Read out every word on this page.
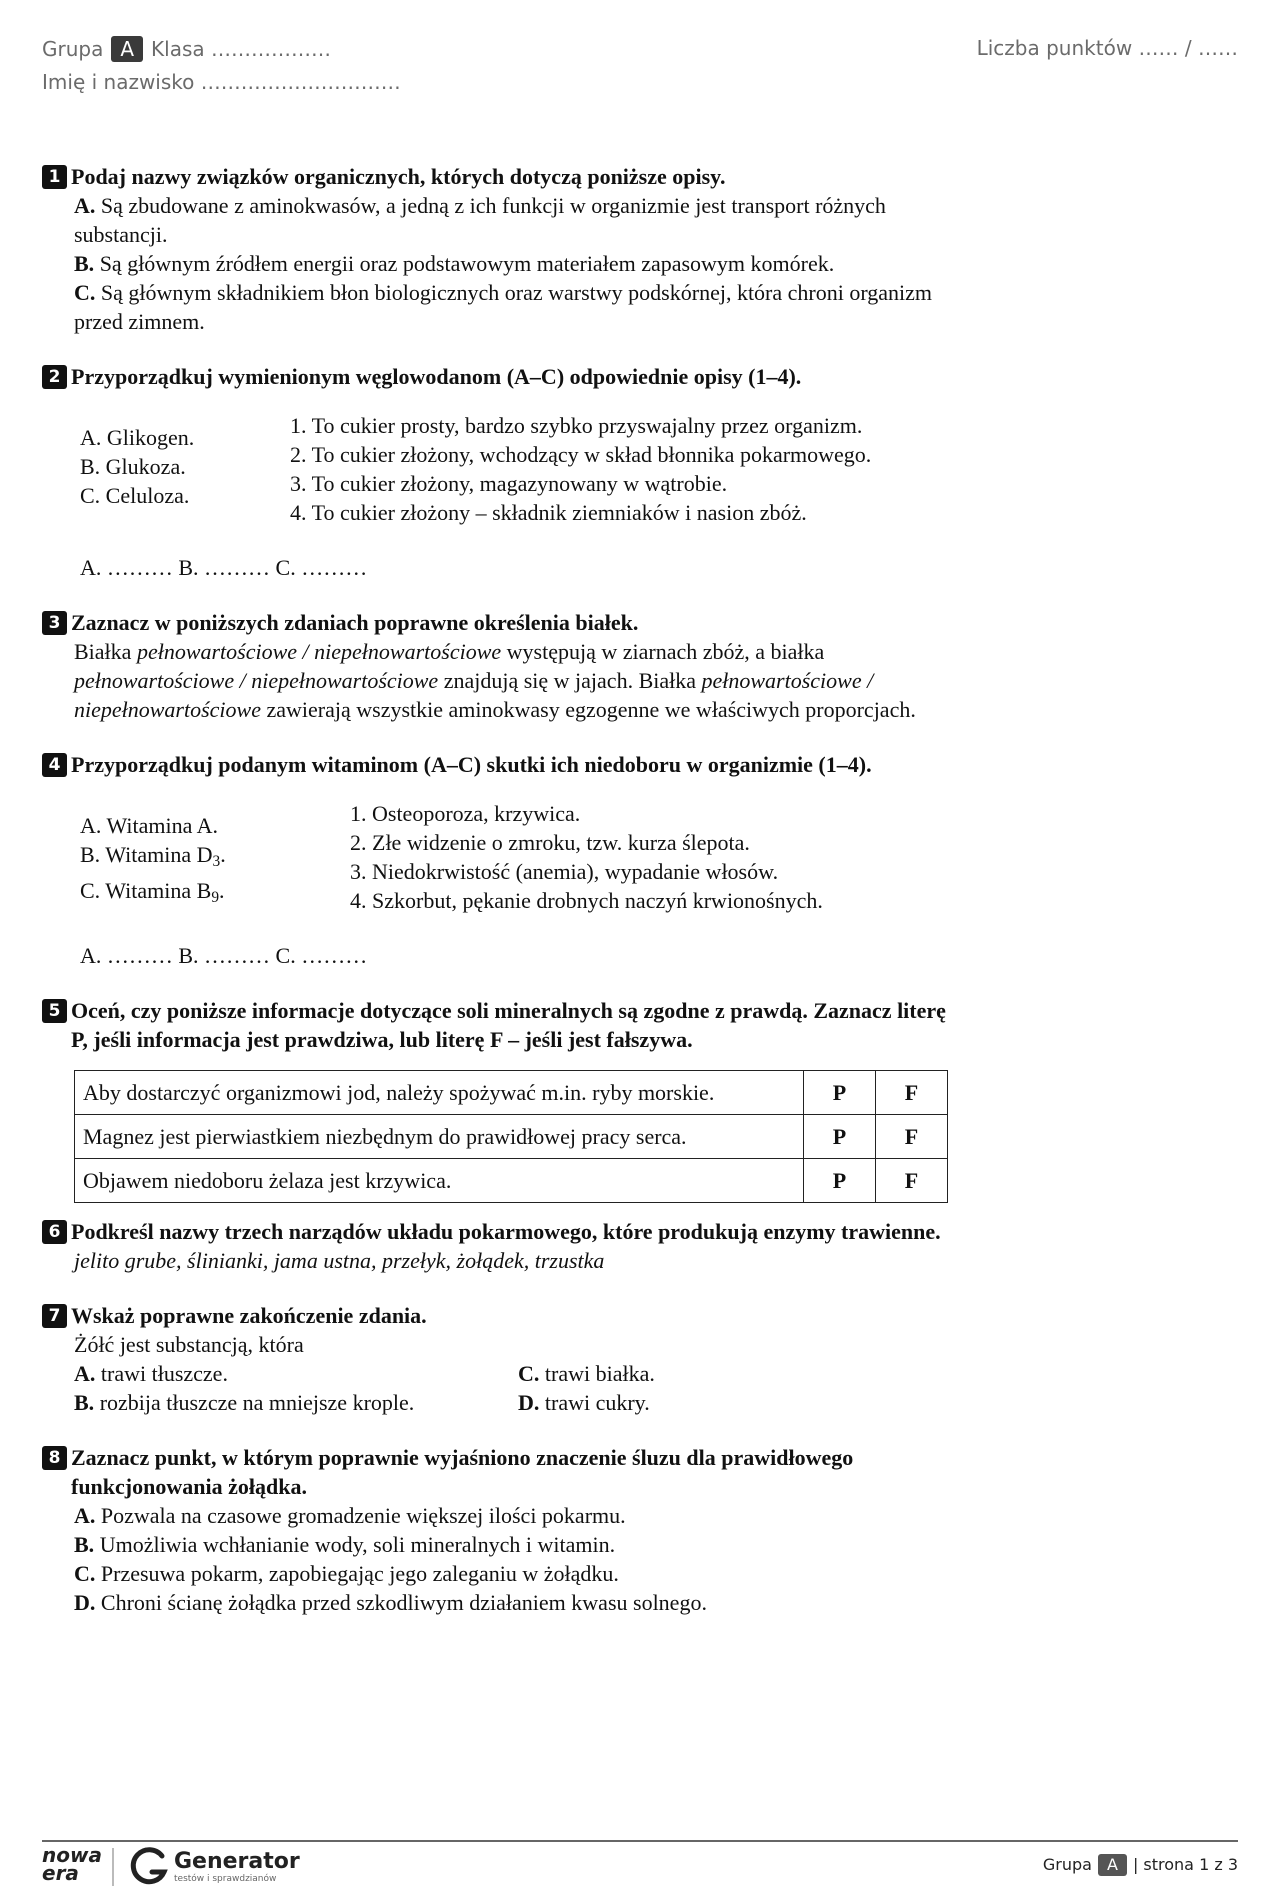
Grupa A Klasa ………………
Imię i nazwisko …………………………
Liczba punktów …… / ……
1 Podaj nazwy związków organicznych, których dotyczą poniższe opisy.
A. Są zbudowane z aminokwasów, a jedną z ich funkcji w organizmie jest transport różnych substancji.
B. Są głównym źródłem energii oraz podstawowym materiałem zapasowym komórek.
C. Są głównym składnikiem błon biologicznych oraz warstwy podskórnej, która chroni organizm przed zimnem.
2 Przyporządkuj wymienionym węglowodanom (A–C) odpowiednie opisy (1–4).
A. Glikogen.
B. Glukoza.
C. Celuloza.
1. To cukier prosty, bardzo szybko przyswajalny przez organizm.
2. To cukier złożony, wchodzący w skład błonnika pokarmowego.
3. To cukier złożony, magazynowany w wątrobie.
4. To cukier złożony – składnik ziemniaków i nasion zbóż.
A. ……… B. ……… C. ………
3 Zaznacz w poniższych zdaniach poprawne określenia białek.
Białka pełnowartościowe / niepełnowartościowe występują w ziarnach zbóż, a białka pełnowartościowe / niepełnowartościowe znajdują się w jajach. Białka pełnowartościowe / niepełnowartościowe zawierają wszystkie aminokwasy egzogenne we właściwych proporcjach.
4 Przyporządkuj podanym witaminom (A–C) skutki ich niedoboru w organizmie (1–4).
A. Witamina A.
B. Witamina $D_3$.
C. Witamina $B_9$.
1. Osteoporoza, krzywica.
2. Złe widzenie o zmroku, tzw. kurza ślepota.
3. Niedokrwistość (anemia), wypadanie włosów.
4. Szkorbut, pękanie drobnych naczyń krwionośnych.
A. ……… B. ……… C. ………
5 Oceń, czy poniższe informacje dotyczące soli mineralnych są zgodne z prawdą. Zaznacz literę P, jeśli informacja jest prawdziwa, lub literę F – jeśli jest fałszywa.
Aby dostarczyć organizmowi jod, należy spożywać m.in. ryby morskie.	P	F
Magnez jest pierwiastkiem niezbędnym do prawidłowej pracy serca.	P	F
Objawem niedoboru żelaza jest krzywica.	P	F
6 Podkreśl nazwy trzech narządów układu pokarmowego, które produkują enzymy trawienne.
jelito grube, ślinianki, jama ustna, przełyk, żołądek, trzustka
7 Wskaż poprawne zakończenie zdania.
Żółć jest substancją, która
A. trawi tłuszcze.	C. trawi białka.
B. rozbija tłuszcze na mniejsze krople.	D. trawi cukry.
8 Zaznacz punkt, w którym poprawnie wyjaśniono znaczenie śluzu dla prawidłowego funkcjonowania żołądka.
A. Pozwala na czasowe gromadzenie większej ilości pokarmu.
B. Umożliwia wchłanianie wody, soli mineralnych i witamin.
C. Przesuwa pokarm, zapobiegając jego zaleganiu w żołądku.
D. Chroni ścianę żołądka przed szkodliwym działaniem kwasu solnego.
nowa
era	Generator
testów i sprawdzianów
Grupa A | strona 1 z 3
